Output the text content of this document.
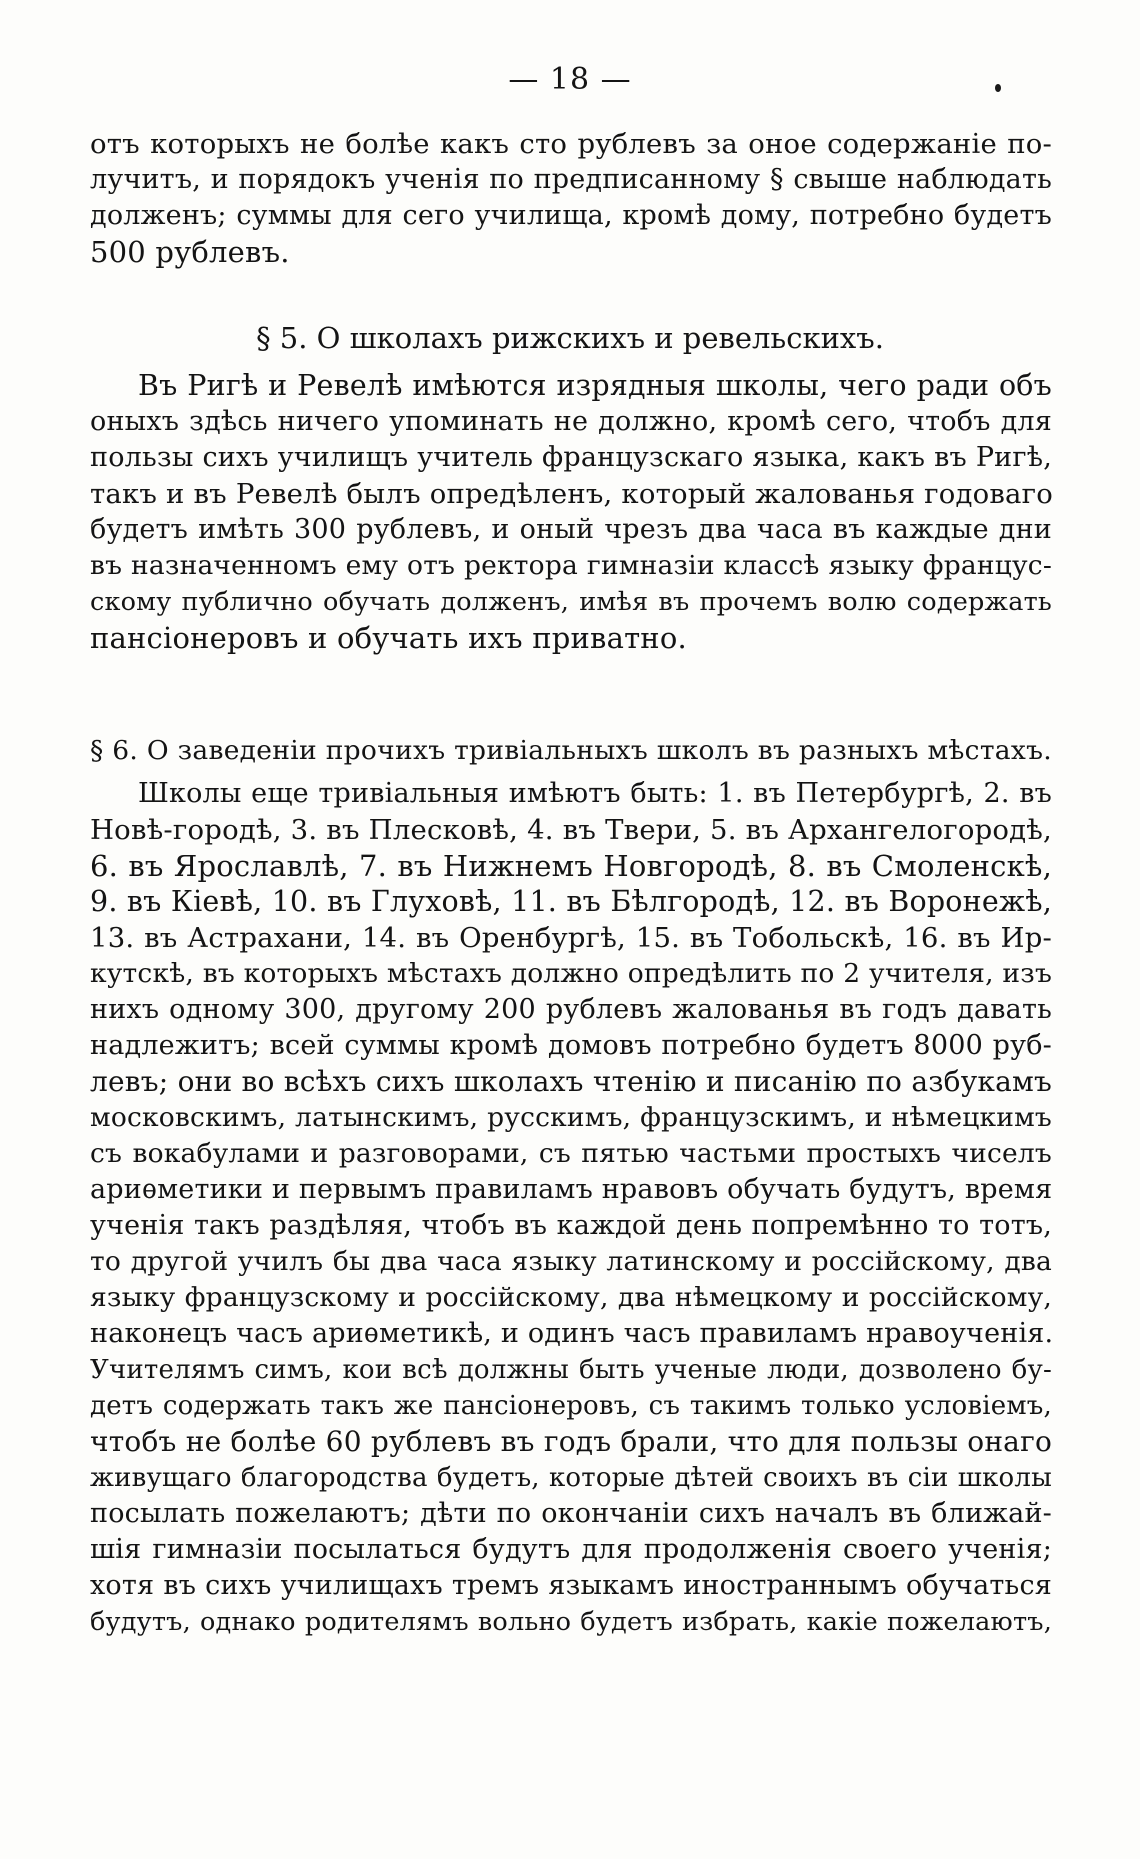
— 18 —
отъ которыхъ не болѣе какъ сто рублевъ за оное содержаніе по-
лучитъ, и порядокъ ученія по предписанному § свыше наблюдать
долженъ; суммы для сего училища, кромѣ дому, потребно будетъ
500 рублевъ.
§ 5. О школахъ рижскихъ и ревельскихъ.
Въ Ригѣ и Ревелѣ имѣются изрядныя школы, чего ради объ
оныхъ здѣсь ничего упоминать не должно, кромѣ сего, чтобъ для
пользы сихъ училищъ учитель французскаго языка, какъ въ Ригѣ,
такъ и въ Ревелѣ былъ опредѣленъ, который жалованья годоваго
будетъ имѣть 300 рублевъ, и оный чрезъ два часа въ каждые дни
въ назначенномъ ему отъ ректора гимназіи классѣ языку францус-
скому публично обучать долженъ, имѣя въ прочемъ волю содержать
пансіонеровъ и обучать ихъ приватно.
§ 6. О заведеніи прочихъ тривіальныхъ школъ въ разныхъ мѣстахъ.
Школы еще тривіальныя имѣютъ быть: 1. въ Петербургѣ, 2. въ
Новѣ-городѣ, 3. въ Плесковѣ, 4. въ Твери, 5. въ Архангелогородѣ,
6. въ Ярославлѣ, 7. въ Нижнемъ Новгородѣ, 8. въ Смоленскѣ,
9. въ Кіевѣ, 10. въ Глуховѣ, 11. въ Бѣлгородѣ, 12. въ Воронежѣ,
13. въ Астрахани, 14. въ Оренбургѣ, 15. въ Тобольскѣ, 16. въ Ир-
кутскѣ, въ которыхъ мѣстахъ должно опредѣлить по 2 учителя, изъ
нихъ одному 300, другому 200 рублевъ жалованья въ годъ давать
надлежитъ; всей суммы кромѣ домовъ потребно будетъ 8000 руб-
левъ; они во всѣхъ сихъ школахъ чтенію и писанію по азбукамъ
московскимъ, латынскимъ, русскимъ, французскимъ, и нѣмецкимъ
съ вокабулами и разговорами, съ пятью частьми простыхъ чиселъ
ариѳметики и первымъ правиламъ нравовъ обучать будутъ, время
ученія такъ раздѣляя, чтобъ въ каждой день попремѣнно то тотъ,
то другой училъ бы два часа языку латинскому и россійскому, два
языку французскому и россійскому, два нѣмецкому и россійскому,
наконецъ часъ ариѳметикѣ, и одинъ часъ правиламъ нравоученія.
Учителямъ симъ, кои всѣ должны быть ученые люди, дозволено бу-
детъ содержать такъ же пансіонеровъ, съ такимъ только условіемъ,
чтобъ не болѣе 60 рублевъ въ годъ брали, что для пользы онаго
живущаго благородства будетъ, которые дѣтей своихъ въ сіи школы
посылать пожелаютъ; дѣти по окончаніи сихъ началъ въ ближай-
шія гимназіи посылаться будутъ для продолженія своего ученія;
хотя въ сихъ училищахъ тремъ языкамъ иностраннымъ обучаться
будутъ, однако родителямъ вольно будетъ избрать, какіе пожелаютъ,
